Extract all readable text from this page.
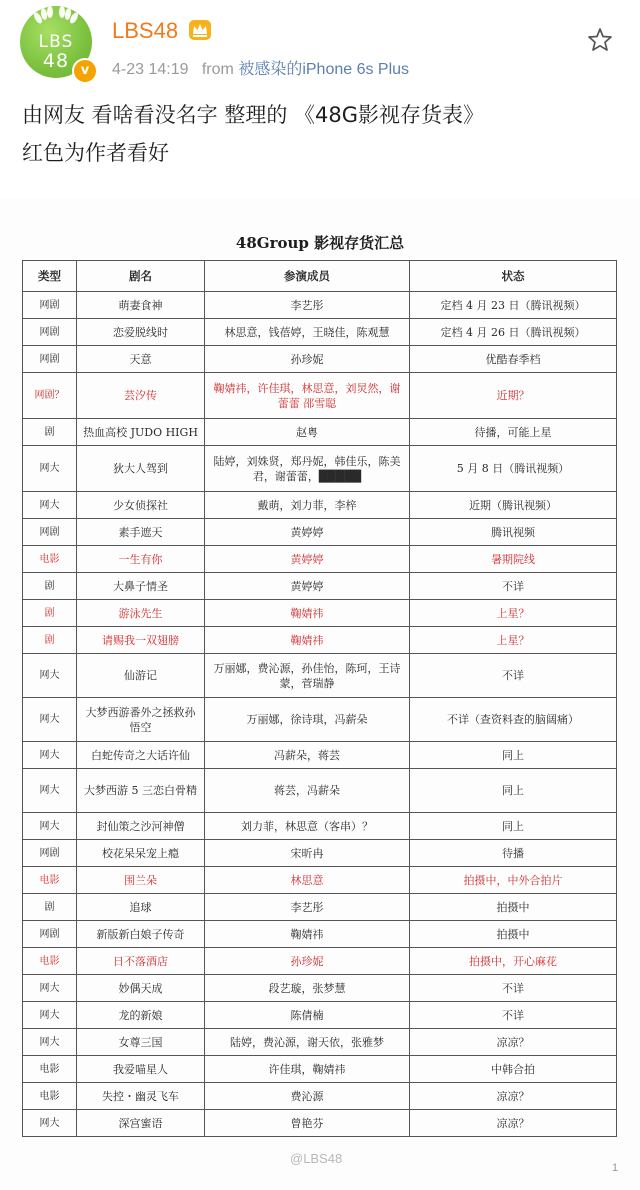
LBS
48 v
LBS48
4-23 14:19 from 被感染的iPhone 6s Plus
由网友 看啥看没名字 整理的 《48G影视存货表》
红色为作者看好
48Group 影视存货汇总
类型	剧名	参演成员	状态
网剧	萌妻食神	李艺彤	定档 4 月 23 日（腾讯视频）
网剧	恋爱脱线时	林思意，钱蓓婷，王晓佳，陈观慧	定档 4 月 26 日（腾讯视频）
网剧	天意	孙珍妮	优酷春季档
网剧？	芸汐传	鞠婧祎，许佳琪，林思意，刘炅然，谢蕾蕾 邵雪聪	近期？
剧	热血高校 JUDO HIGH	赵粤	待播，可能上星
网大	狄大人驾到	陆婷，刘姝贤，郑丹妮，韩佳乐，陈美君，谢蕾蕾，█████	5 月 8 日（腾讯视频）
网大	少女侦探社	戴萌，刘力菲，李梓	近期（腾讯视频）
网剧	素手遮天	黄婷婷	腾讯视频
电影	一生有你	黄婷婷	暑期院线
剧	大鼻子情圣	黄婷婷	不详
剧	游泳先生	鞠婧祎	上星？
剧	请赐我一双翅膀	鞠婧祎	上星？
网大	仙游记	万丽娜，费沁源，孙佳怡，陈珂，王诗蒙，菅瑞静	不详
网大	大梦西游番外之拯救孙悟空	万丽娜，徐诗琪，冯薪朵	不详（查资料查的脑阔痛）
网大	白蛇传奇之大话许仙	冯薪朵，蒋芸	同上
网大	大梦西游 5 三恋白骨精	蒋芸，冯薪朵	同上
网大	封仙策之沙河神僧	刘力菲，林思意（客串）？	同上
网剧	校花呆呆宠上瘾	宋昕冉	待播
电影	围兰朵	林思意	拍摄中，中外合拍片
剧	追球	李艺彤	拍摄中
网剧	新版新白娘子传奇	鞠婧祎	拍摄中
电影	日不落酒店	孙珍妮	拍摄中，开心麻花
网大	妙偶天成	段艺璇，张梦慧	不详
网大	龙的新娘	陈倩楠	不详
网大	女尊三国	陆婷，费沁源，谢天依，张雅梦	凉凉？
电影	我爱喵星人	许佳琪，鞠婧祎	中韩合拍
电影	失控・幽灵飞车	费沁源	凉凉？
网大	深宫蜜语	曾艳芬	凉凉？
@LBS48
1
